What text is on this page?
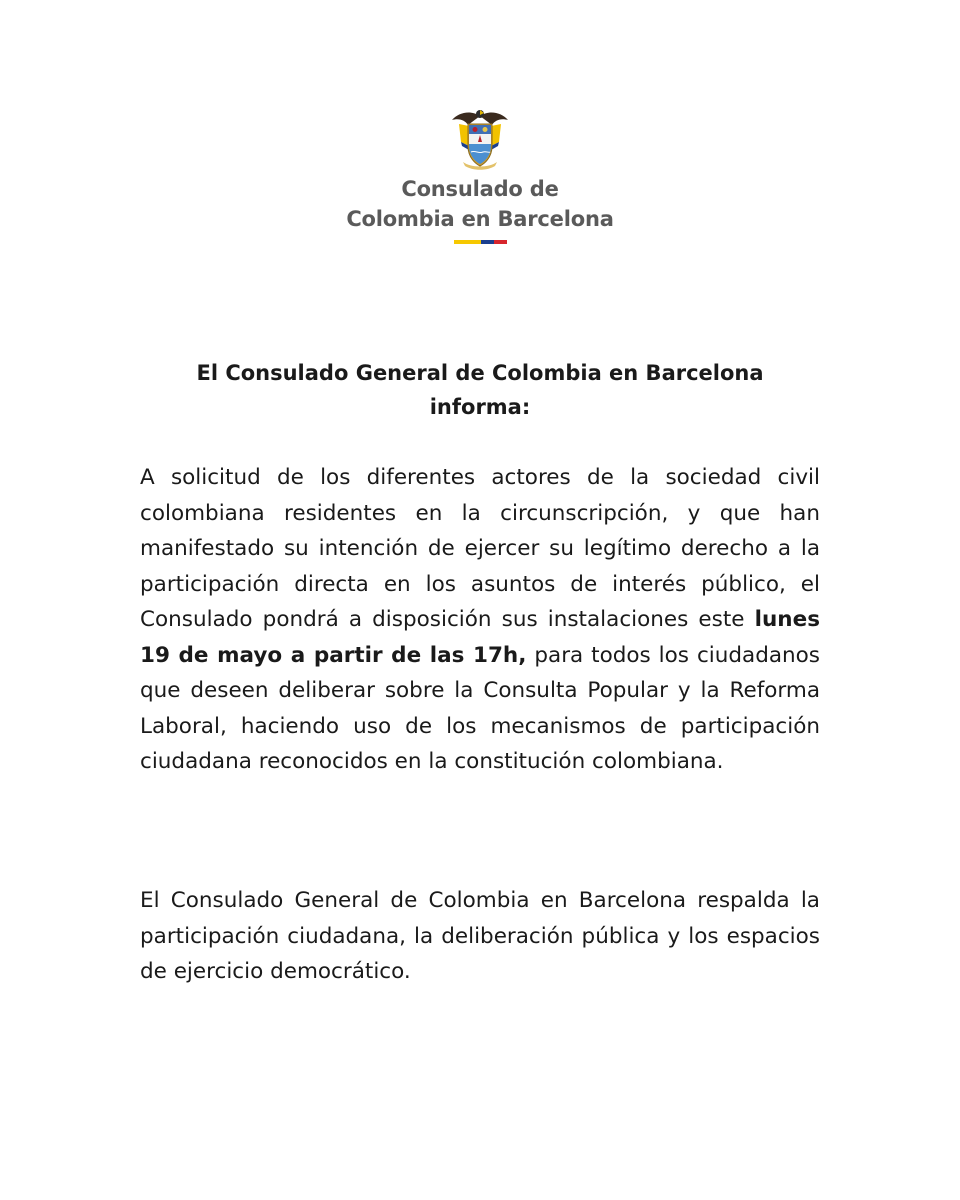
Consulado de
Colombia en Barcelona
El Consulado General de Colombia en Barcelona
informa:

A solicitud de los diferentes actores de la sociedad civil colombiana residentes en la circunscripción, y que han manifestado su intención de ejercer su legítimo derecho a la participación directa en los asuntos de interés público, el Consulado pondrá a disposición sus instalaciones este lunes 19 de mayo a partir de las 17h, para todos los ciudadanos que deseen deliberar sobre la Consulta Popular y la Reforma Laboral, haciendo uso de los mecanismos de participación ciudadana reconocidos en la constitución colombiana.

El Consulado General de Colombia en Barcelona respalda la participación ciudadana, la deliberación pública y los espacios de ejercicio democrático.
